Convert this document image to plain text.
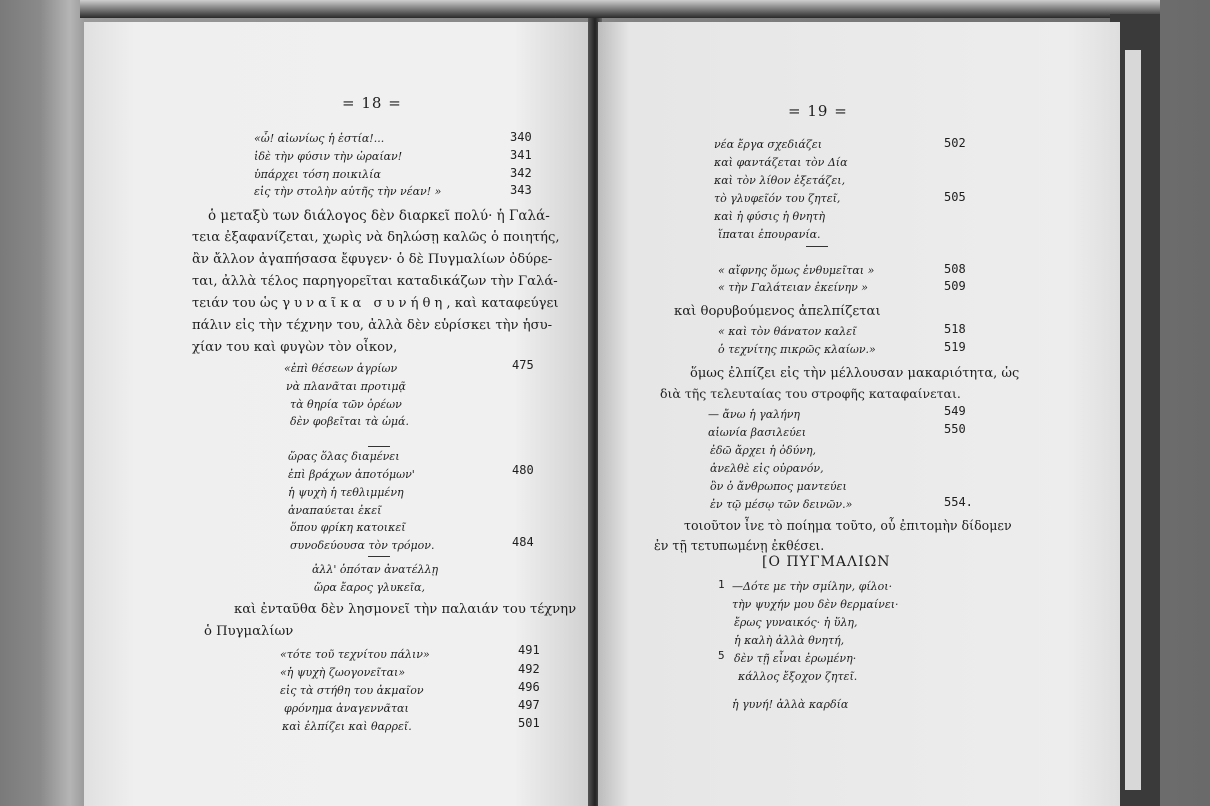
= 18 =
«ὦ! αἰωνίως ἡ ἑστία!...	340
ἰδὲ τὴν φύσιν τὴν ὡραίαν!	341
ὑπάρχει τόση ποικιλία	342
εἰς τὴν στολὴν αὐτῆς τὴν νέαν! »	343
ὁ μεταξὺ των διάλογος δὲν διαρκεῖ πολύ· ἡ Γαλά-
τεια ἐξαφανίζεται, χωρὶς νὰ δηλώσῃ καλῶς ὁ ποιητής,
ἂν ἄλλον ἀγαπήσασα ἔφυγεν· ὁ δὲ Πυγμαλίων ὀδύρε-
ται, ἀλλὰ τέλος παρηγορεῖται καταδικάζων τὴν Γαλά-
τειάν του ὡς γυναῖκα συνήθη, καὶ καταφεύγει
πάλιν εἰς τὴν τέχνην του, ἀλλὰ δὲν εὑρίσκει τὴν ἡσυ-
χίαν του καὶ φυγὼν τὸν οἶκον,
«ἐπὶ θέσεων ἀγρίων	475
νὰ πλανᾶται προτιμᾷ
τὰ θηρία τῶν ὀρέων
δὲν φοβεῖται τὰ ὠμά.
ὥρας ὅλας διαμένει
ἐπὶ βράχων ἀποτόμων'	480
ἡ ψυχὴ ἡ τεθλιμμένη
ἀναπαύεται ἐκεῖ
ὅπου φρίκη κατοικεῖ
συνοδεύουσα τὸν τρόμον.	484
ἀλλ' ὁπόταν ἀνατέλλῃ
ὥρα ἔαρος γλυκεῖα,
καὶ ἐνταῦθα δὲν λησμονεῖ τὴν παλαιάν του τέχνην
ὁ Πυγμαλίων
«τότε τοῦ τεχνίτου πάλιν»	491
«ἡ ψυχὴ ζωογονεῖται»	492
εἰς τὰ στήθη του ἀκμαῖον	496
φρόνημα ἀναγεννᾶται	497
καὶ ἐλπίζει καὶ θαρρεῖ.	501
= 19 =
νέα ἔργα σχεδιάζει	502
καὶ φαντάζεται τὸν Δία
καὶ τὸν λίθον ἐξετάζει,
τὸ γλυφεῖόν του ζητεῖ,	505
καὶ ἡ φύσις ἡ θνητὴ
ἵπαται ἐπουρανία.
« αἴφνης ὅμως ἐνθυμεῖται »	508
« τὴν Γαλάτειαν ἐκείνην »	509
καὶ θορυβούμενος ἀπελπίζεται
« καὶ τὸν θάνατον καλεῖ	518
ὁ τεχνίτης πικρῶς κλαίων.»	519
ὅμως ἐλπίζει εἰς τὴν μέλλουσαν μακαριότητα, ὡς
διὰ τῆς τελευταίας του στροφῆς καταφαίνεται.
— ἄνω ἡ γαλήνη	549
αἰωνία βασιλεύει	550
ἐδῶ ἄρχει ἡ ὀδύνη,
ἀνελθὲ εἰς οὐρανόν,
ὃν ὁ ἄνθρωπος μαντεύει
ἐν τῷ μέσῳ τῶν δεινῶν.»	554.
τοιοῦτον ἶνε τὸ ποίημα τοῦτο, οὗ ἐπιτομὴν δίδομεν
ἐν τῇ τετυπωμένῃ ἐκθέσει.
[Ο ΠΥΓΜΑΛΙΩΝ
1 —Δότε με τὴν σμίλην, φίλοι·
τὴν ψυχήν μου δὲν θερμαίνει·
ἔρως γυναικός· ἡ ὕλη,
ἡ καλὴ ἀλλὰ θνητή,
5 δὲν τῇ εἶναι ἐρωμένη·
κάλλος ἔξοχον ζητεῖ.
ἡ γυνή! ἀλλὰ καρδία
